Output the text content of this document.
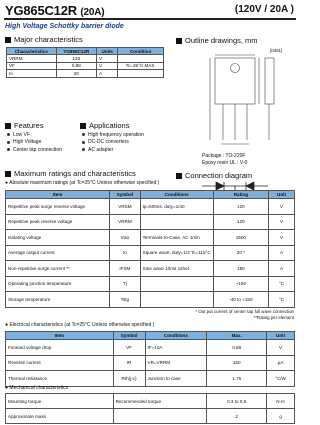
YG865C12R (20A)	(120V / 20A )
High Voltage Schottky barrier diode
Major characteristics
Characteristics	YG865C12R	Units	Condition
VRRM	120	V	
VF	0.88	V	Tc=25°C MAX.
Io	20	A	
Features
Low VF
High Voltage
Center tap connection
Applications
High frequency operation
DC-DC converters
AC adapter
Outline drawings, mm
[0461]
Package : TO-220F
Epoxy resin UL : V-0
Connection diagram
Maximum ratings and characteristics
● Absolute maximum ratings (at Tc=25°C Unless otherwise specified )
Item	Symbol	Conditions	Rating	Unit
Repetitive peak surge reverse voltage	VRSM	tp=500ns, duty=1/40	120	V
Repetitive peak reverse voltage	VRRM		120	V
Isolating voltage	Viso	Terminals-to-Case, AC 1min	1500	V
Average output current	Io	Square wave, duty=1/2 Tc=115°C	20 *	A
Non-repetitive surge current **	IFSM	Sine wave 10ms 1shot	150	A
Operating junction temperature	Tj		+150	°C
Storage temperature	Tstg		-40 to +150	°C
* Out put current of center tap full wave connection
**Rating per element
● Electrical characteristics (at Tc=25°C Unless otherwise specified )
Item	Symbol	Conditions	Max.	Unit
Forward voltage drop	VF	IF=10A	0.88	V
Reverse current	IR	VR=VRRM	150	μA
Thermal resistance	Rth(j-c)	Junction to case	1.75	°C/W
● Mechanical characteristics
Mounting torque	Recommended torque	0.3 to 0.5	N·m
Approximate mass		2	g
